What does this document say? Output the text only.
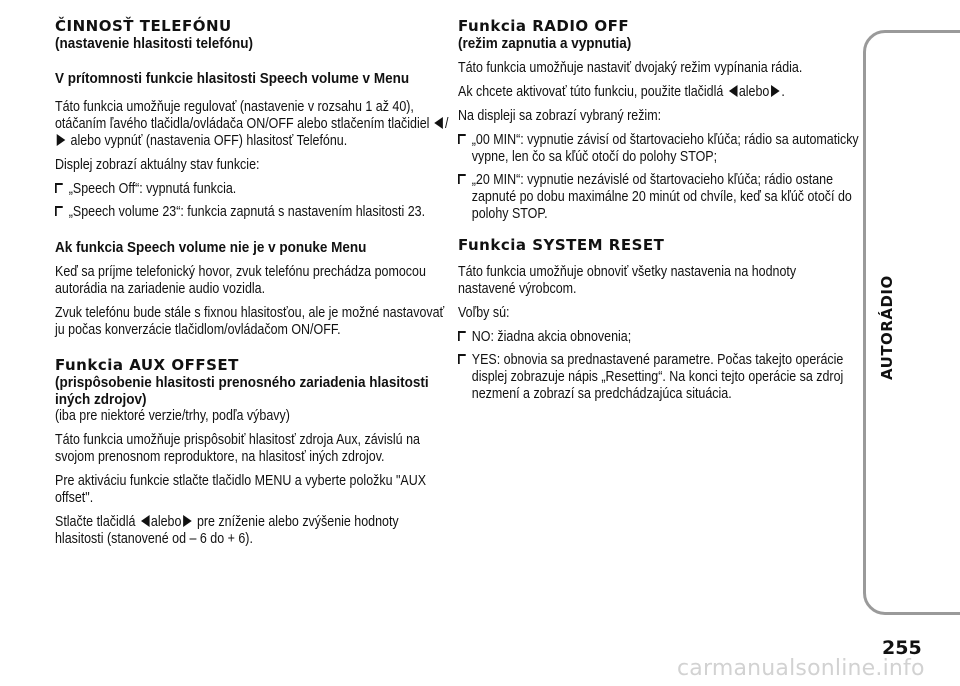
ČINNOSŤ TELEFÓNU
(nastavenie hlasitosti telefónu)
V prítomnosti funkcie hlasitosti Speech volume v Menu

Táto funkcia umožňuje regulovať (nastavenie v rozsahu 1 až 40), otáčaním ľavého tlačidla/ovládača ON/OFF alebo stlačením tlačidiel / alebo vypnúť (nastavenia OFF) hlasitosť Telefónu.

Displej zobrazí aktuálny stav funkcie:

„Speech Off“: vypnutá funkcia.
„Speech volume 23“: funkcia zapnutá s nastavením hlasitosti 23.
Ak funkcia Speech volume nie je v ponuke Menu

Keď sa príjme telefonický hovor, zvuk telefónu prechádza pomocou autorádia na zariadenie audio vozidla.

Zvuk telefónu bude stále s fixnou hlasitosťou, ale je možné nastavovať ju počas konverzácie tlačidlom/ovládačom ON/OFF.

Funkcia AUX OFFSET
(prispôsobenie hlasitosti prenosného zariadenia hlasitosti iných zdrojov)

(iba pre niektoré verzie/trhy, podľa výbavy)

Táto funkcia umožňuje prispôsobiť hlasitosť zdroja Aux, závislú na svojom prenosnom reproduktore, na hlasitosť iných zdrojov.

Pre aktiváciu funkcie stlačte tlačidlo MENU a vyberte položku "AUX offset".

Stlačte tlačidlá alebo pre zníženie alebo zvýšenie hodnoty hlasitosti (stanovené od – 6 do + 6).

Funkcia RADIO OFF
(režim zapnutia a vypnutia)

Táto funkcia umožňuje nastaviť dvojaký režim vypínania rádia.

Ak chcete aktivovať túto funkciu, použite tlačidlá alebo .

Na displeji sa zobrazí vybraný režim:

„00 MIN“: vypnutie závisí od štartovacieho kľúča; rádio sa automaticky vypne, len čo sa kľúč otočí do polohy STOP;
„20 MIN“: vypnutie nezávislé od štartovacieho kľúča; rádio ostane zapnuté po dobu maximálne 20 minút od chvíle, keď sa kľúč otočí do polohy STOP.
Funkcia SYSTEM RESET

Táto funkcia umožňuje obnoviť všetky nastavenia na hodnoty nastavené výrobcom.

Voľby sú:

NO: žiadna akcia obnovenia;
YES: obnovia sa prednastavené parametre. Počas takejto operácie displej zobrazuje nápis „Resetting“. Na konci tejto operácie sa zdroj nezmení a zobrazí sa predchádzajúca situácia.
AUTORÁDIO
255
carmanualsonline.info
